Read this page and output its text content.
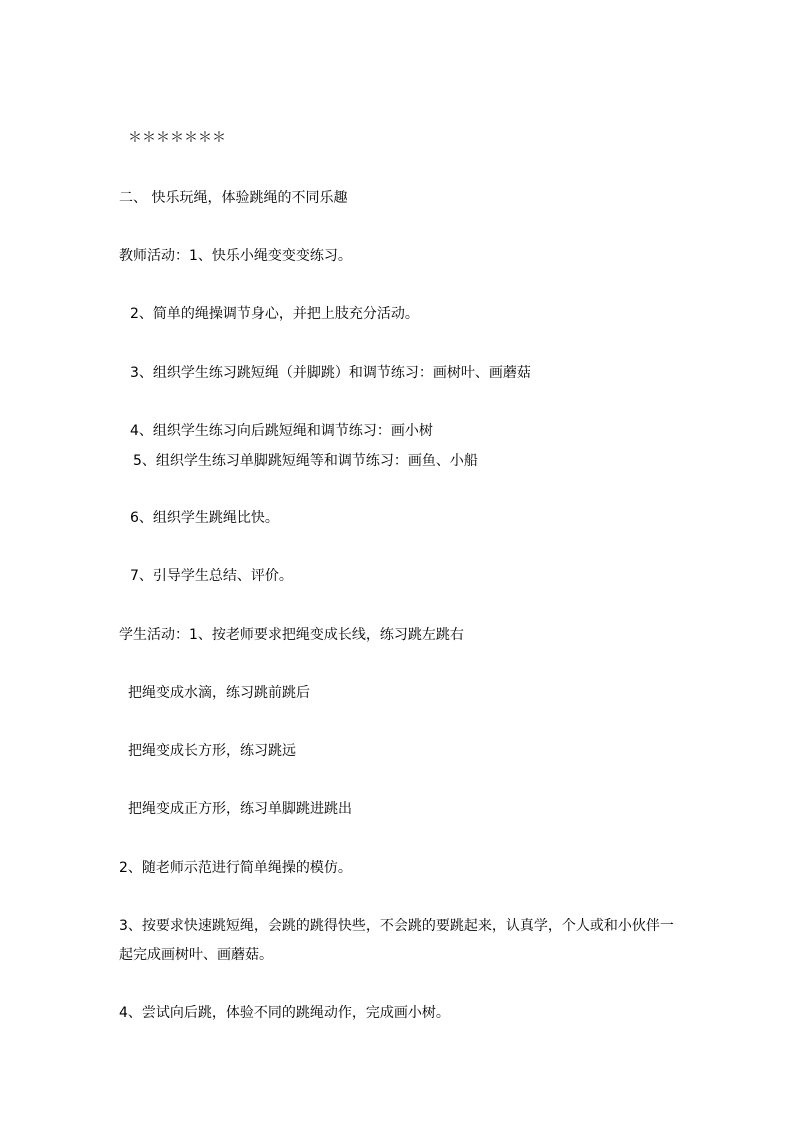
＊＊＊＊＊＊＊
二、 快乐玩绳，体验跳绳的不同乐趣
教师活动：1、快乐小绳变变变练习。
2、简单的绳操调节身心，并把上肢充分活动。
3、组织学生练习跳短绳（并脚跳）和调节练习：画树叶、画蘑菇
4、组织学生练习向后跳短绳和调节练习：画小树
5、组织学生练习单脚跳短绳等和调节练习：画鱼、小船
6、组织学生跳绳比快。
7、引导学生总结、评价。
学生活动：1、按老师要求把绳变成长线，练习跳左跳右
把绳变成水滴，练习跳前跳后
把绳变成长方形，练习跳远
把绳变成正方形，练习单脚跳进跳出
2、随老师示范进行简单绳操的模仿。
3、按要求快速跳短绳，会跳的跳得快些，不会跳的要跳起来，认真学，个人或和小伙伴一
起完成画树叶、画蘑菇。
4、尝试向后跳，体验不同的跳绳动作，完成画小树。
